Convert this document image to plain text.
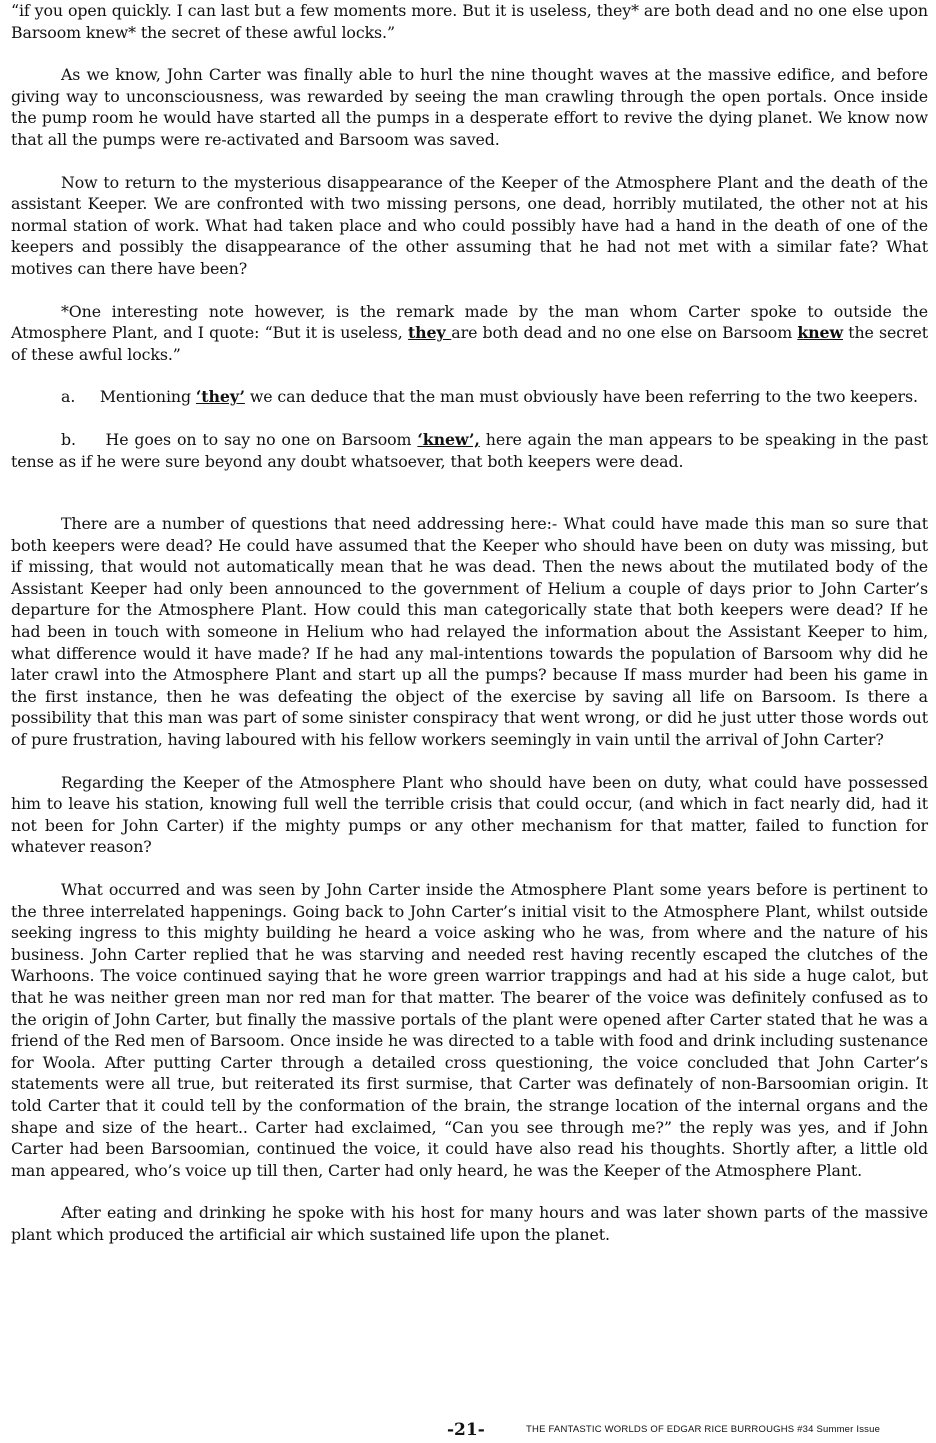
“if you open quickly. I can last but a few moments more. But it is useless, they* are both dead and no one else upon Barsoom knew* the secret of these awful locks.”

As we know, John Carter was finally able to hurl the nine thought waves at the massive edifice, and before giving way to unconsciousness, was rewarded by seeing the man crawling through the open portals. Once inside the pump room he would have started all the pumps in a desperate effort to revive the dying planet. We know now that all the pumps were re-activated and Barsoom was saved.

Now to return to the mysterious disappearance of the Keeper of the Atmosphere Plant and the death of the assistant Keeper. We are confronted with two missing persons, one dead, horribly mutilated, the other not at his normal station of work. What had taken place and who could possibly have had a hand in the death of one of the keepers and possibly the disappearance of the other assuming that he had not met with a similar fate? What motives can there have been?

*One interesting note however, is the remark made by the man whom Carter spoke to outside the Atmosphere Plant, and I quote: “But it is useless, they are both dead and no one else on Barsoom knew the secret of these awful locks.”

a. Mentioning ‘they’ we can deduce that the man must obviously have been referring to the two keepers.

b. He goes on to say no one on Barsoom ‘knew’, here again the man appears to be speaking in the past tense as if he were sure beyond any doubt whatsoever, that both keepers were dead.

There are a number of questions that need addressing here:- What could have made this man so sure that both keepers were dead? He could have assumed that the Keeper who should have been on duty was missing, but if missing, that would not automatically mean that he was dead. Then the news about the mutilated body of the Assistant Keeper had only been announced to the government of Helium a couple of days prior to John Carter’s departure for the Atmosphere Plant. How could this man categorically state that both keepers were dead? If he had been in touch with someone in Helium who had relayed the information about the Assistant Keeper to him, what difference would it have made? If he had any mal-intentions towards the population of Barsoom why did he later crawl into the Atmosphere Plant and start up all the pumps? because If mass murder had been his game in the first instance, then he was defeating the object of the exercise by saving all life on Barsoom. Is there a possibility that this man was part of some sinister conspiracy that went wrong, or did he just utter those words out of pure frustration, having laboured with his fellow workers seemingly in vain until the arrival of John Carter?

Regarding the Keeper of the Atmosphere Plant who should have been on duty, what could have possessed him to leave his station, knowing full well the terrible crisis that could occur, (and which in fact nearly did, had it not been for John Carter) if the mighty pumps or any other mechanism for that matter, failed to function for whatever reason?

What occurred and was seen by John Carter inside the Atmosphere Plant some years before is pertinent to the three interrelated happenings. Going back to John Carter’s initial visit to the Atmosphere Plant, whilst outside seeking ingress to this mighty building he heard a voice asking who he was, from where and the nature of his business. John Carter replied that he was starving and needed rest having recently escaped the clutches of the Warhoons. The voice continued saying that he wore green warrior trappings and had at his side a huge calot, but that he was neither green man nor red man for that matter. The bearer of the voice was definitely confused as to the origin of John Carter, but finally the massive portals of the plant were opened after Carter stated that he was a friend of the Red men of Barsoom. Once inside he was directed to a table with food and drink including sustenance for Woola. After putting Carter through a detailed cross questioning, the voice concluded that John Carter’s statements were all true, but reiterated its first surmise, that Carter was definately of non-Barsoomian origin. It told Carter that it could tell by the conformation of the brain, the strange location of the internal organs and the shape and size of the heart.. Carter had exclaimed, “Can you see through me?” the reply was yes, and if John Carter had been Barsoomian, continued the voice, it could have also read his thoughts. Shortly after, a little old man appeared, who’s voice up till then, Carter had only heard, he was the Keeper of the Atmosphere Plant.

After eating and drinking he spoke with his host for many hours and was later shown parts of the massive plant which produced the artificial air which sustained life upon the planet.

-21-	THE FANTASTIC WORLDS OF EDGAR RICE BURROUGHS #34 Summer Issue
